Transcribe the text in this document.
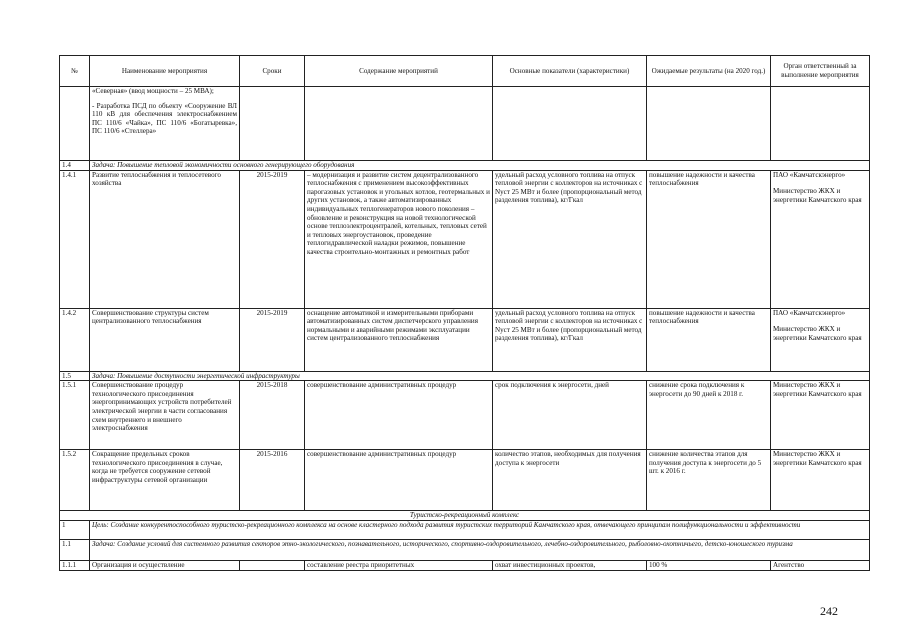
№	Наименование мероприятия	Сроки	Содержание мероприятий	Основные показатели (характеристики)	Ожидаемые результаты (на 2020 год.)	Орган ответственный за выполнение мероприятия

	«Северная» (ввод мощности – 25 МВА);

- Разработка ПСД по объекту «Сооружение ВЛ 110 кВ для обеспечения электроснабжением ПС 110/6 «Чайка», ПС 110/6 «Богатыревка», ПС 110/6 «Стеллера»					

1.4	Задача: Повышение тепловой экономичности основного генерирующего оборудования					
1.4.1	Развитие теплоснабжения и теплосетевого хозяйства	2015-2019	– модернизация и развитие систем децентрализованного теплоснабжения с применением высокоэффективных парогазовых установок и угольных котлов, геотермальных и других установок, а также автоматизированных индивидуальных теплогенераторов нового поколения – обновление и реконструкция на новой технологической основе теплоэлектроцентралей, котельных, тепловых сетей и тепловых энергоустановок, проведение теплогидравлической наладки режимов, повышение качества строительно-монтажных и ремонтных работ	удельный расход условного топлива на отпуск тепловой энергии с коллекторов на источниках с Nуст 25 МВт и более (пропорциональный метод разделения топлива), кг/Гкал	повышение надежности и качества теплоснабжения	ПАО «Камчатскэнерго»

Министерство ЖКХ и энергетики Камчатского края

1.4.2	Совершенствование структуры систем централизованного теплоснабжения	2015-2019	оснащение автоматикой и измерительными приборами автоматизированных систем диспетчерского управления нормальными и аварийными режимами эксплуатации систем централизованного теплоснабжения	удельный расход условного топлива на отпуск тепловой энергии с коллекторов на источниках с Nуст 25 МВт и более (пропорциональный метод разделения топлива), кг/Гкал	повышение надежности и качества теплоснабжения	ПАО «Камчатскэнерго»

Министерство ЖКХ и энергетики Камчатского края

1.5	Задача: Повышение доступности энергетической инфраструктуры					
1.5.1	Совершенствование процедур технологического присоединения энергопринимающих устройств потребителей электрической энергии в части согласования схем внутреннего и внешнего электроснабжения	2015-2018	совершенствование административных процедур	срок подключения к энергосети, дней	снижение срока подключения к энергосети до 90 дней к 2018 г.	Министерство ЖКХ и энергетики Камчатского края
1.5.2	Сокращение предельных сроков технологического присоединения в случае, когда не требуется сооружение сетевой инфраструктуры сетевой организации	2015-2016	совершенствование административных процедур	количество этапов, необходимых для получения доступа к энергосети	снижение количества этапов для получения доступа к энергосети до 5 шт. к 2016 г.	Министерство ЖКХ и энергетики Камчатского края
Туристско-рекреационный комплекс						
1	Цель: Создание конкурентоспособного туристско-рекреационного комплекса на основе кластерного подхода развития туристских территорий Камчатского края, отвечающего принципам полифункциональности и эффективности					
1.1	Задача: Создание условий для системного развития секторов этно-экологического, познавательного, исторического, спортивно-оздоровительного, лечебно-оздоровительного, рыболовно-охотничьего, детско-юношеского туризма					
1.1.1	Организация и осуществление		составление реестра приоритетных	охват инвестиционных проектов,	100 %	Агентство
242
